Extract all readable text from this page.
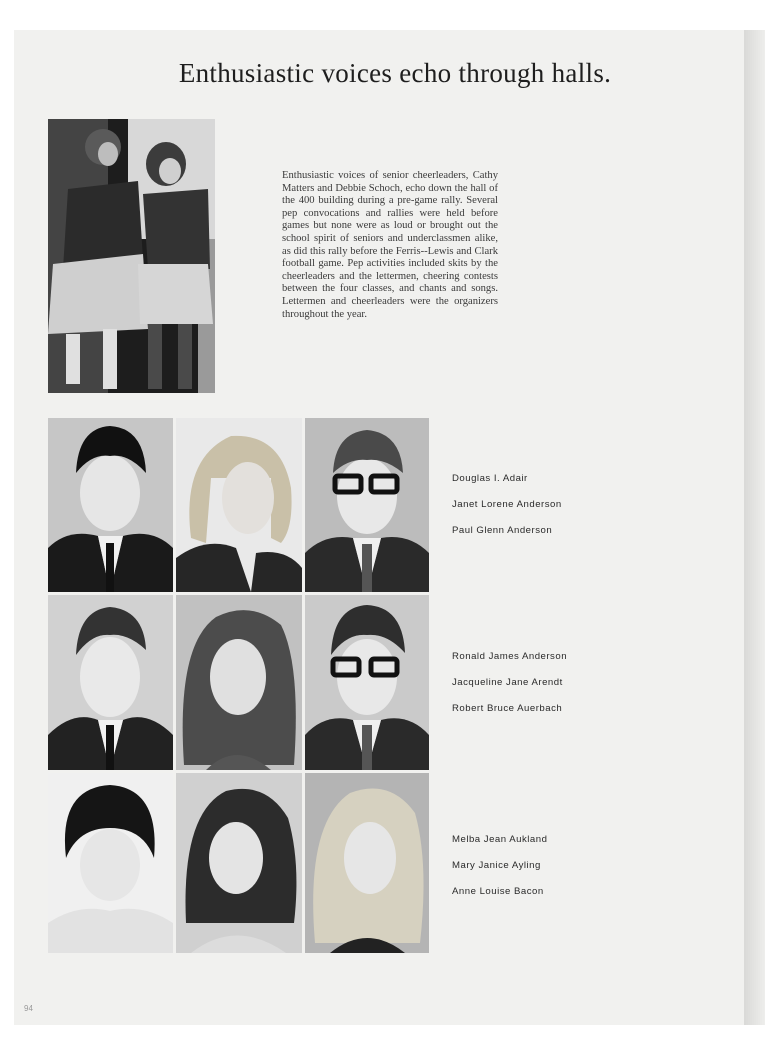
Enthusiastic voices echo through halls.

Enthusiastic voices of senior cheerleaders, Cathy Matters and Debbie Schoch, echo down the hall of the 400 building during a pre-game rally. Several pep convocations and rallies were held before games but none were as loud or brought out the school spirit of seniors and underclassmen alike, as did this rally before the Ferris--Lewis and Clark football game. Pep activities included skits by the cheerleaders and the lettermen, cheering contests between the four classes, and chants and songs. Lettermen and cheerleaders were the organizers throughout the year.

Douglas I. Adair
Janet Lorene Anderson
Paul Glenn Anderson
Ronald James Anderson
Jacqueline Jane Arendt
Robert Bruce Auerbach
Melba Jean Aukland
Mary Janice Ayling
Anne Louise Bacon
94
